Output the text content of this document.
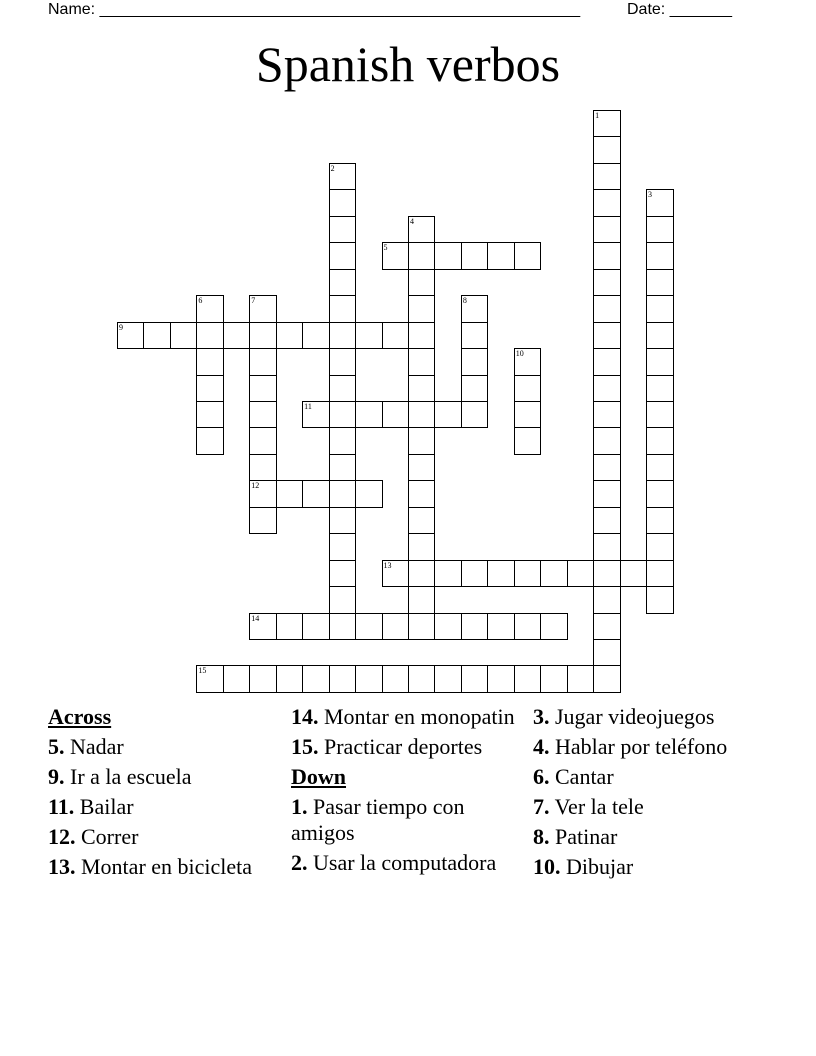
Name: ______________________________________________________	Date: _______
Spanish verbos
1
2
3
4
5
6	7
12
8
9
10
11
13
14
15
Across
5. Nadar
9. Ir a la escuela
11. Bailar
12. Correr
13. Montar en bicicleta
14. Montar en monopatin
15. Practicar deportes
Down
1. Pasar tiempo con amigos
2. Usar la computadora
3. Jugar videojuegos
4. Hablar por teléfono
6. Cantar
7. Ver la tele
8. Patinar
10. Dibujar
